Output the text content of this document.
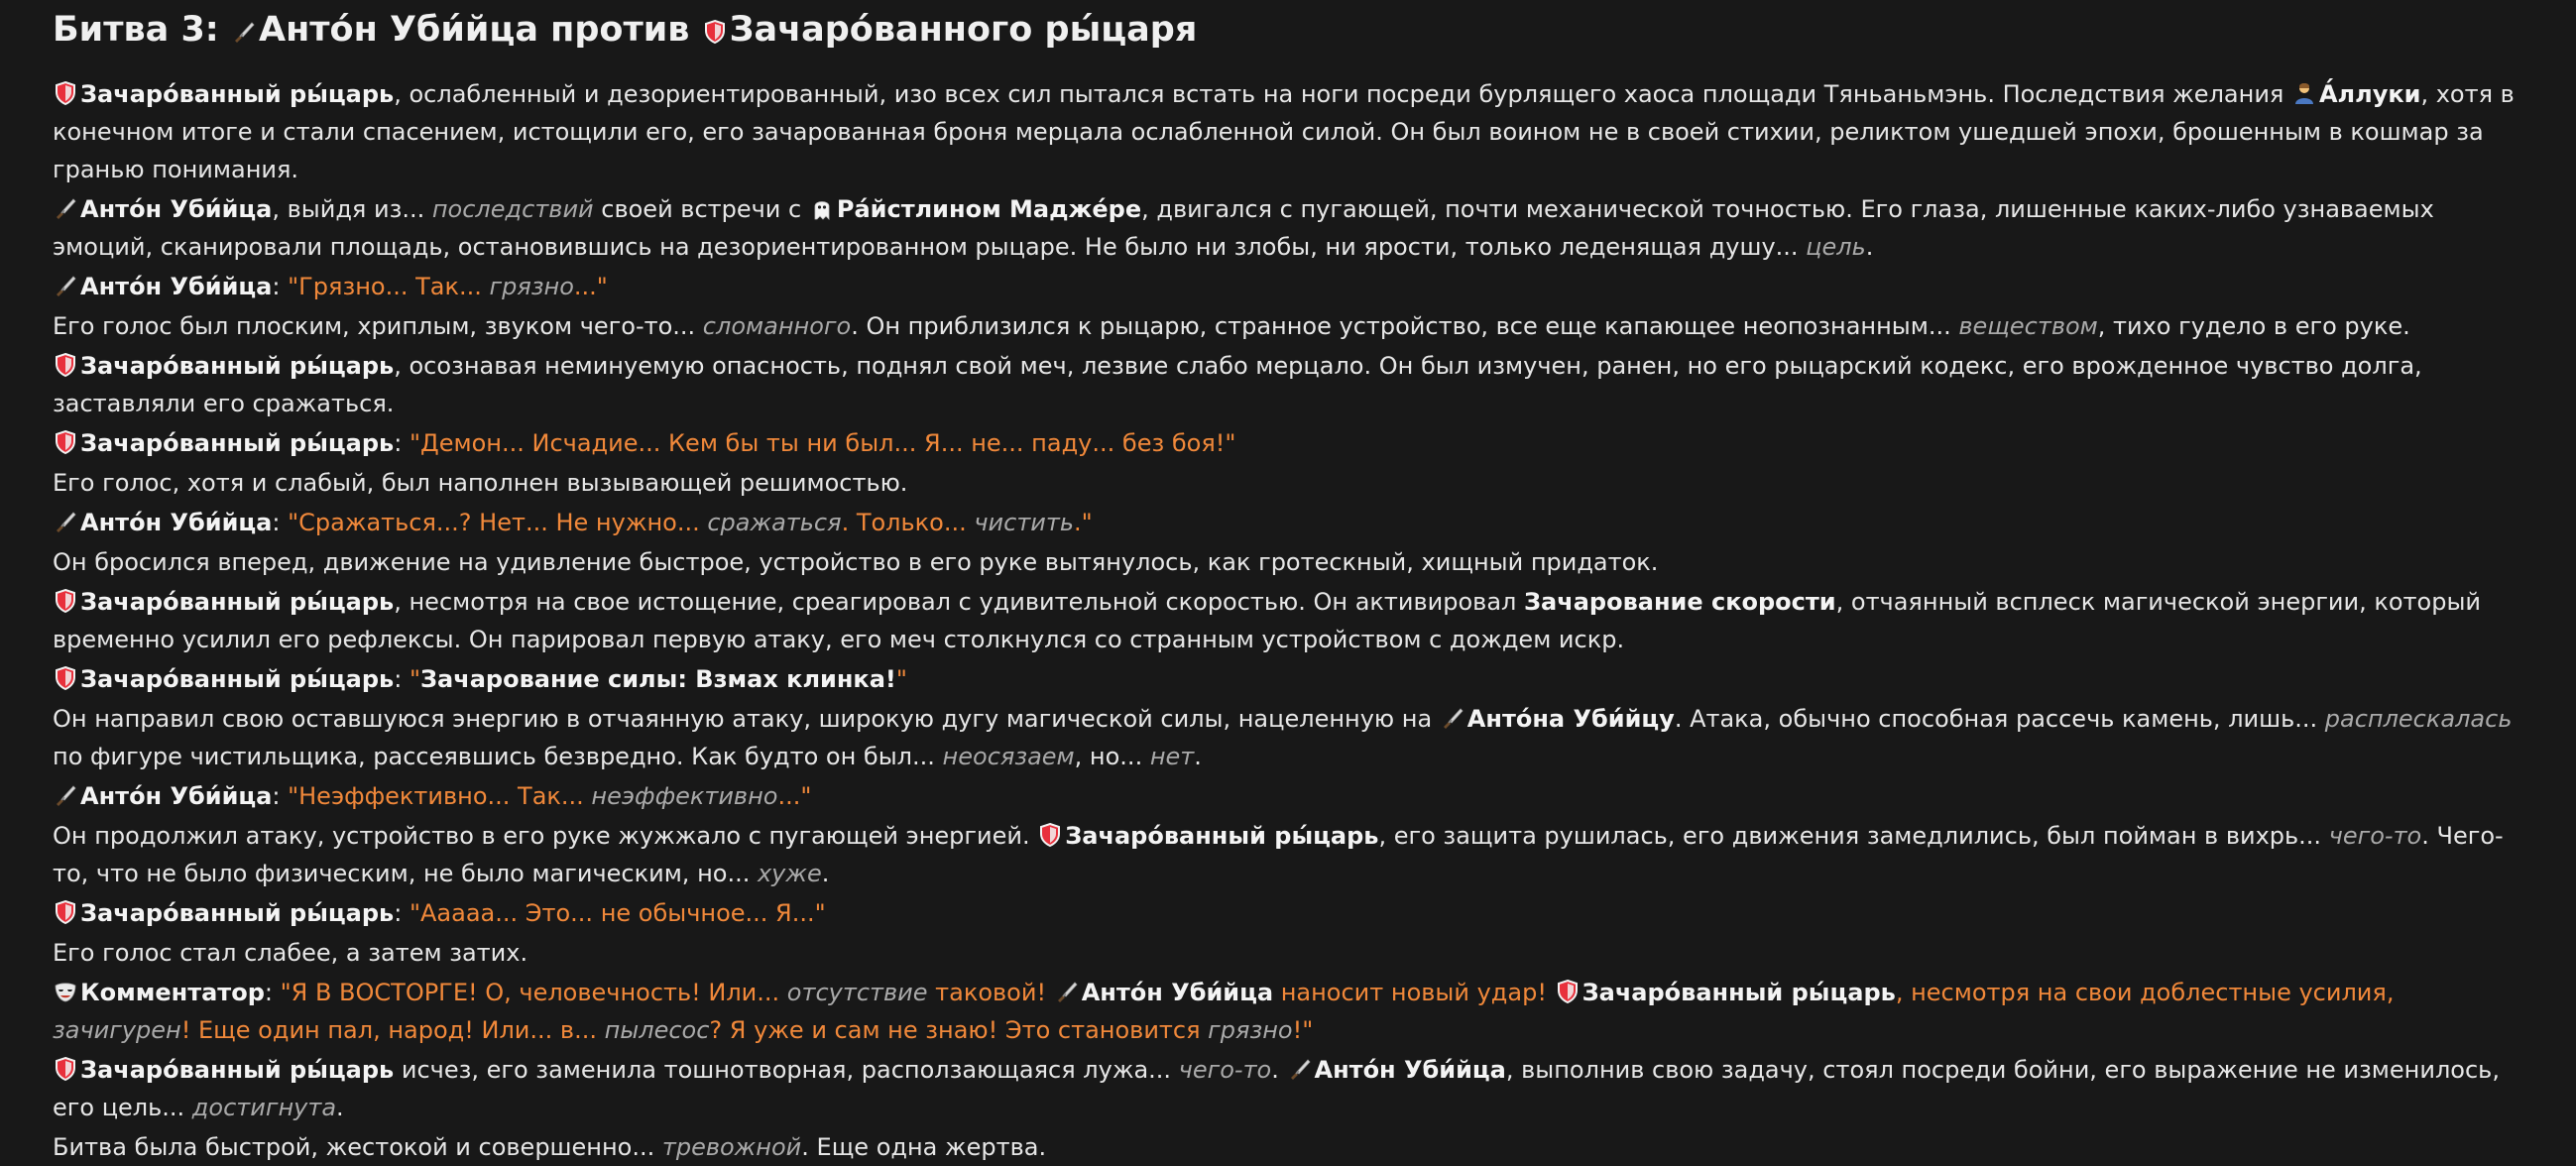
Битва 3: Анто́н Уби́йца против Зачаро́ванного ры́царя
Зачаро́ванный ры́царь, ослабленный и дезориентированный, изо всех сил пытался встать на ноги посреди бурлящего хаоса площади Тяньаньмэнь. Последствия желания
А́ллуки, хотя в конечном итоге и стали спасением, истощили его, его зачарованная броня мерцала ослабленной силой. Он был воином не в своей стихии, реликтом ушедшей эпохи, брошенным в кошмар за гранью понимания.
Анто́н Уби́йца, выйдя из... последствий своей встречи с
Ра́йстлином Мадже́ре, двигался с пугающей, почти механической точностью. Его глаза, лишенные каких-либо узнаваемых эмоций, сканировали площадь, остановившись на дезориентированном рыцаре. Не было ни злобы, ни ярости, только леденящая душу... цель.
Анто́н Уби́йца: "Грязно... Так... грязно..."
Его голос был плоским, хриплым, звуком чего-то... сломанного. Он приблизился к рыцарю, странное устройство, все еще капающее неопознанным... веществом, тихо гудело в его руке.
Зачаро́ванный ры́царь, осознавая неминуемую опасность, поднял свой меч, лезвие слабо мерцало. Он был измучен, ранен, но его рыцарский кодекс, его врожденное чувство долга, заставляли его сражаться.
Зачаро́ванный ры́царь: "Демон... Исчадие... Кем бы ты ни был... Я... не... паду... без боя!"
Его голос, хотя и слабый, был наполнен вызывающей решимостью.
Анто́н Уби́йца: "Сражаться...? Нет... Не нужно... сражаться. Только... чистить."
Он бросился вперед, движение на удивление быстрое, устройство в его руке вытянулось, как гротескный, хищный придаток.
Зачаро́ванный ры́царь, несмотря на свое истощение, среагировал с удивительной скоростью. Он активировал Зачарование скорости, отчаянный всплеск магической энергии, который временно усилил его рефлексы. Он парировал первую атаку, его меч столкнулся со странным устройством с дождем искр.
Зачаро́ванный ры́царь: "Зачарование силы: Взмах клинка!"
Он направил свою оставшуюся энергию в отчаянную атаку, широкую дугу магической силы, нацеленную на
Анто́на Уби́йцу. Атака, обычно способная рассечь камень, лишь... расплескалась по фигуре чистильщика, рассеявшись безвредно. Как будто он был... неосязаем, но... нет.
Анто́н Уби́йца: "Неэффективно... Так... неэффективно..."
Он продолжил атаку, устройство в его руке жужжало с пугающей энергией.
Зачаро́ванный ры́царь, его защита рушилась, его движения замедлились, был пойман в вихрь... чего-то. Чего-то, что не было физическим, не было магическим, но... хуже.
Зачаро́ванный ры́царь: "Ааааа... Это... не обычное... Я..."
Его голос стал слабее, а затем затих.
Комментатор: "Я В ВОСТОРГЕ! О, человечность! Или... отсутствие таковой!
Анто́н Уби́йца наносит новый удар!
Зачаро́ванный ры́царь, несмотря на свои доблестные усилия, зачигурен! Еще один пал, народ! Или... в... пылесос? Я уже и сам не знаю! Это становится грязно!"
Зачаро́ванный ры́царь исчез, его заменила тошнотворная, расползающаяся лужа... чего-то.
Анто́н Уби́йца, выполнив свою задачу, стоял посреди бойни, его выражение не изменилось, его цель... достигнута.
Битва была быстрой, жестокой и совершенно... тревожной. Еще одна жертва.
